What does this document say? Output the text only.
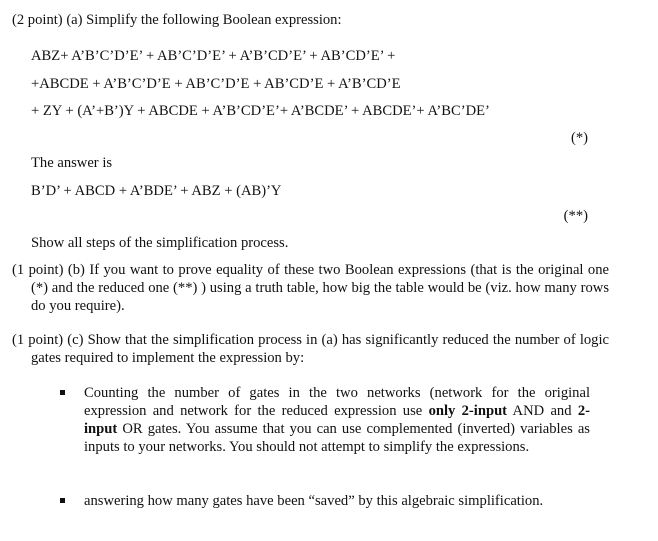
(2 point) (a) Simplify the following Boolean expression:
ABZ+ A’B’C’D’E’ + AB’C’D’E’ + A’B’CD’E’ + AB’CD’E’ +
+ABCDE + A’B’C’D’E + AB’C’D’E + AB’CD’E + A’B’CD’E
+ ZY + (A’+B’)Y + ABCDE + A’B’CD’E’+ A’BCDE’ + ABCDE’+ A’BC’DE’
(*)
The answer is
B’D’ + ABCD + A’BDE’ + ABZ + (AB)’Y
(**)
Show all steps of the simplification process.
(1 point) (b) If you want to prove equality of these two Boolean expressions (that is the original one (*) and the reduced one (**) ) using a truth table, how big the table would be (viz. how many rows do you require).
(1 point) (c) Show that the simplification process in (a) has significantly reduced the number of logic gates required to implement the expression by:
Counting the number of gates in the two networks (network for the original expression and network for the reduced expression use only 2-input AND and 2-input OR gates. You assume that you can use complemented (inverted) variables as inputs to your networks. You should not attempt to simplify the expressions.
answering how many gates have been “saved” by this algebraic simplification.
